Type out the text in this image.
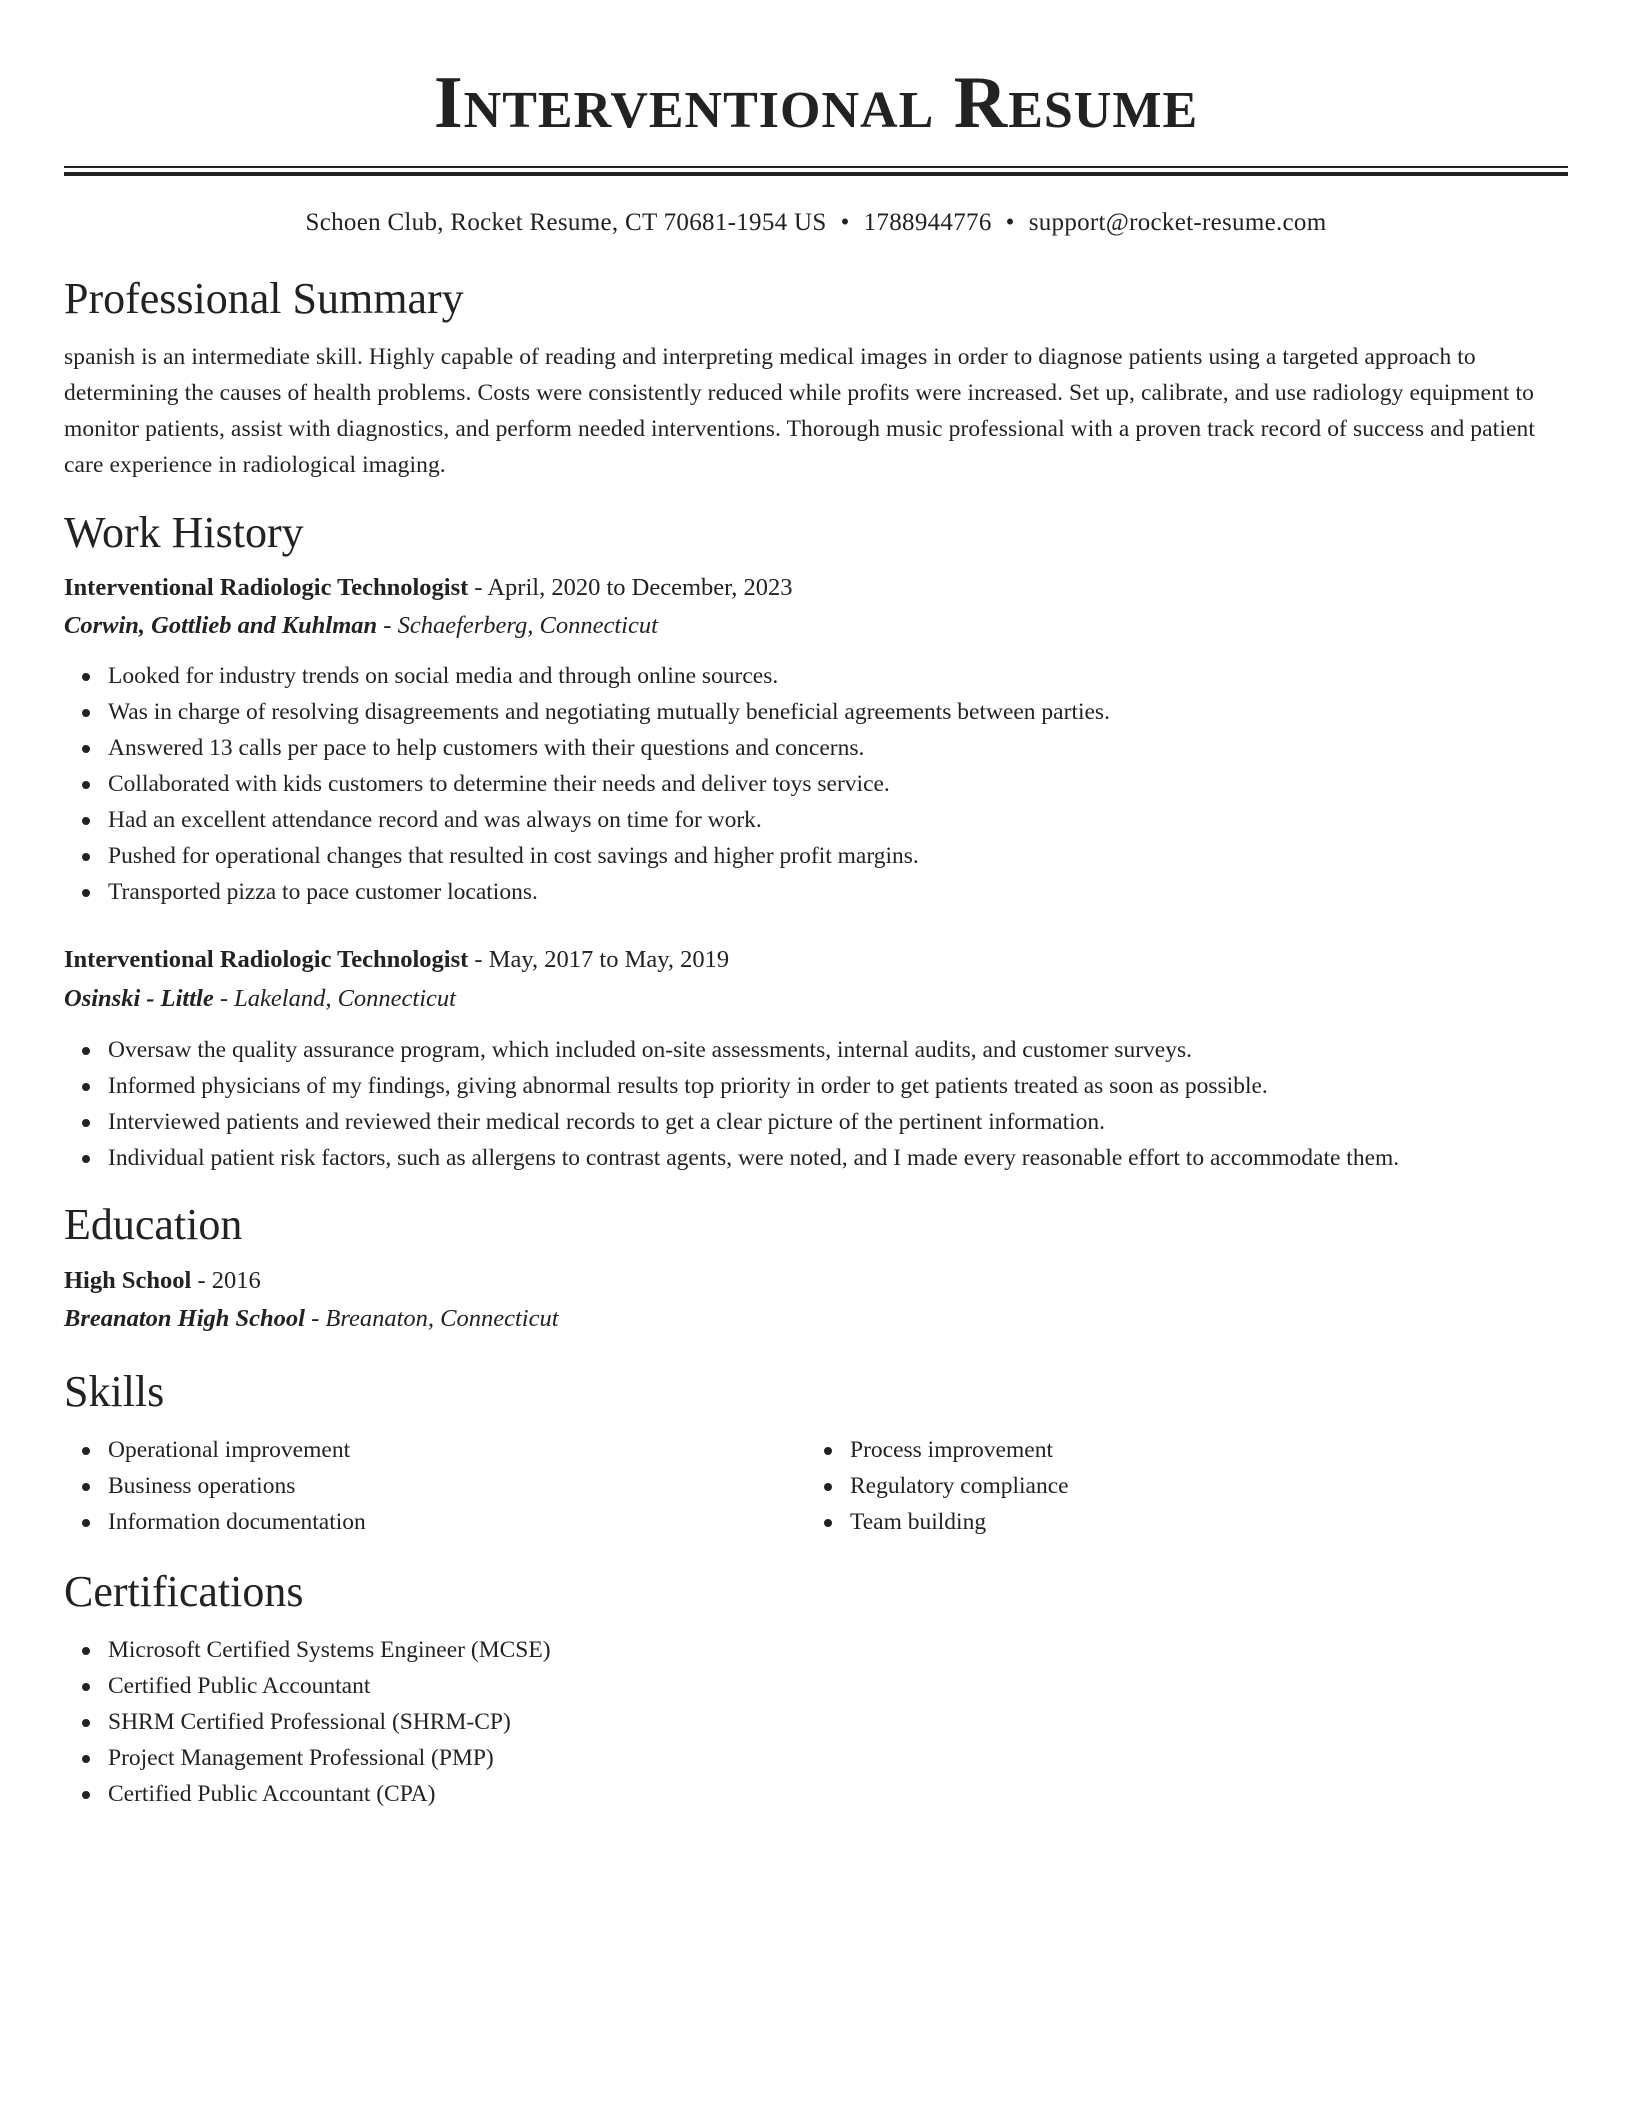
Interventional Resume
Schoen Club, Rocket Resume, CT 70681-1954 US • 1788944776 • support@rocket-resume.com
Professional Summary

spanish is an intermediate skill. Highly capable of reading and interpreting medical images in order to diagnose patients using a targeted approach to determining the causes of health problems. Costs were consistently reduced while profits were increased. Set up, calibrate, and use radiology equipment to monitor patients, assist with diagnostics, and perform needed interventions. Thorough music professional with a proven track record of success and patient care experience in radiological imaging.

Work History
Interventional Radiologic Technologist - April, 2020 to December, 2023
Corwin, Gottlieb and Kuhlman - Schaeferberg, Connecticut
Looked for industry trends on social media and through online sources.
Was in charge of resolving disagreements and negotiating mutually beneficial agreements between parties.
Answered 13 calls per pace to help customers with their questions and concerns.
Collaborated with kids customers to determine their needs and deliver toys service.
Had an excellent attendance record and was always on time for work.
Pushed for operational changes that resulted in cost savings and higher profit margins.
Transported pizza to pace customer locations.
Interventional Radiologic Technologist - May, 2017 to May, 2019
Osinski - Little - Lakeland, Connecticut
Oversaw the quality assurance program, which included on-site assessments, internal audits, and customer surveys.
Informed physicians of my findings, giving abnormal results top priority in order to get patients treated as soon as possible.
Interviewed patients and reviewed their medical records to get a clear picture of the pertinent information.
Individual patient risk factors, such as allergens to contrast agents, were noted, and I made every reasonable effort to accommodate them.
Education
High School - 2016
Breanaton High School - Breanaton, Connecticut
Skills
Operational improvement
Business operations
Information documentation
Process improvement
Regulatory compliance
Team building
Certifications
Microsoft Certified Systems Engineer (MCSE)
Certified Public Accountant
SHRM Certified Professional (SHRM-CP)
Project Management Professional (PMP)
Certified Public Accountant (CPA)
